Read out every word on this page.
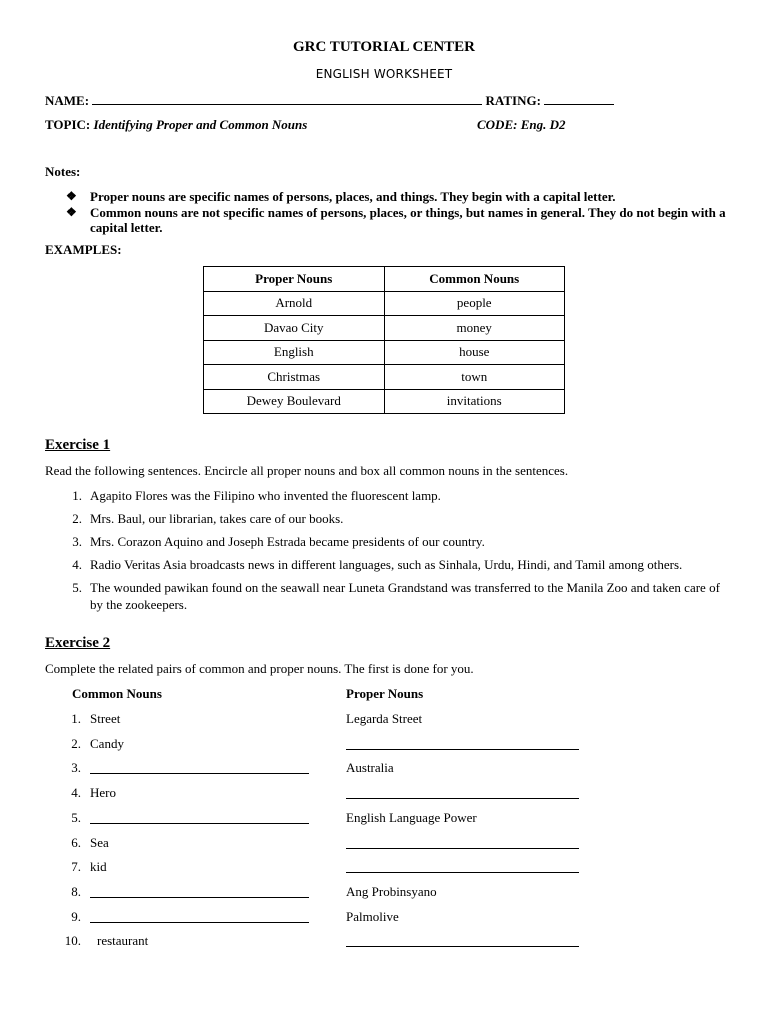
GRC TUTORIAL CENTER
ENGLISH WORKSHEET
NAME:	RATING:
TOPIC: Identifying Proper and Common Nouns	CODE: Eng. D2
Notes:
❖	Proper nouns are specific names of persons, places, and things. They begin with a capital letter.
❖	Common nouns are not specific names of persons, places, or things, but names in general. They do not begin with a capital letter.
EXAMPLES:
Proper Nouns	Common Nouns
Arnold	people
Davao City	money
English	house
Christmas	town
Dewey Boulevard	invitations
Exercise 1
Read the following sentences. Encircle all proper nouns and box all common nouns in the sentences.
1. Agapito Flores was the Filipino who invented the fluorescent lamp.
2. Mrs. Baul, our librarian, takes care of our books.
3. Mrs. Corazon Aquino and Joseph Estrada became presidents of our country.
4. Radio Veritas Asia broadcasts news in different languages, such as Sinhala, Urdu, Hindi, and Tamil among others.
5. The wounded pawikan found on the seawall near Luneta Grandstand was transferred to the Manila Zoo and taken care of by the zookeepers.
Exercise 2
Complete the related pairs of common and proper nouns. The first is done for you.
Common Nouns	Proper Nouns
1. Street	Legarda Street
2. Candy
3.	Australia
4. Hero
5.	English Language Power
6. Sea
7. kid
8.	Ang Probinsyano
9.	Palmolive
10. restaurant
